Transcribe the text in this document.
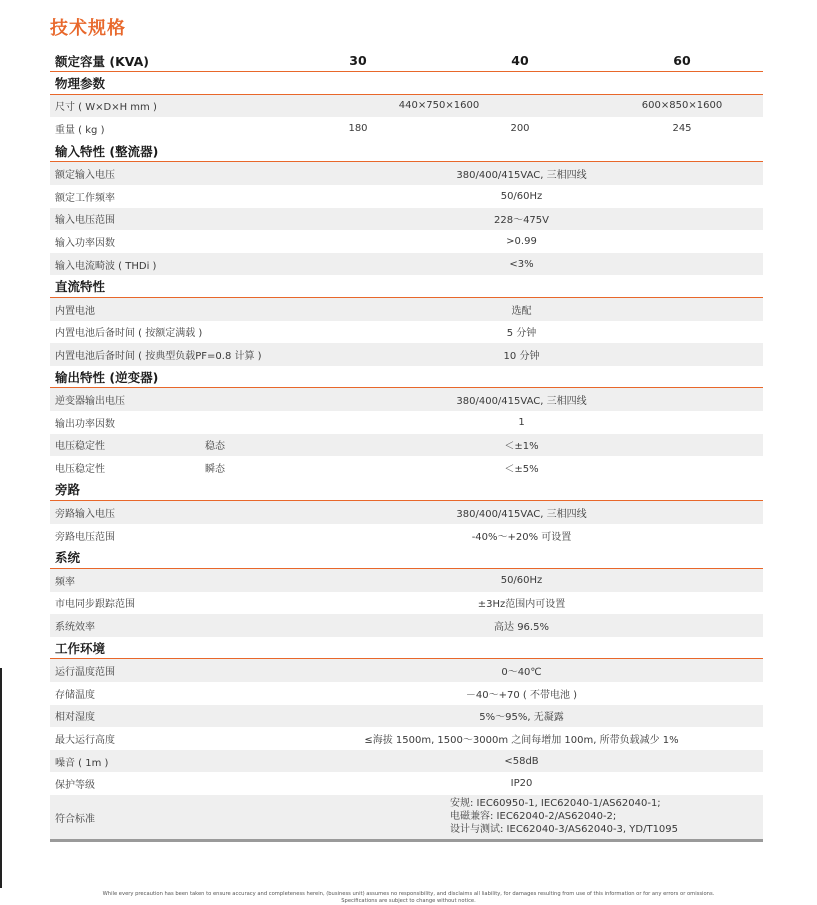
技术规格
额定容量 (KVA)	30	40	60
物理参数
尺寸 ( W×D×H mm )	440×750×1600	600×850×1600
重量 ( kg )	180	200	245
输入特性 (整流器)
额定输入电压	380/400/415VAC, 三相四线
额定工作频率	50/60Hz
输入电压范围	228～475V
输入功率因数	>0.99
输入电流畸波 ( THDi )	<3%
直流特性
内置电池	选配
内置电池后备时间 ( 按额定满载 )	5 分钟
内置电池后备时间 ( 按典型负载PF=0.8 计算 )	10 分钟
输出特性 (逆变器)
逆变器输出电压	380/400/415VAC, 三相四线
输出功率因数	1
电压稳定性	稳态	＜±1%
电压稳定性	瞬态	＜±5%
旁路
旁路输入电压	380/400/415VAC, 三相四线
旁路电压范围	-40%～+20% 可设置
系统
频率	50/60Hz
市电同步跟踪范围	±3Hz范围内可设置
系统效率	高达 96.5%
工作环境
运行温度范围	0～40℃
存储温度	－40～+70 ( 不带电池 )
相对湿度	5%～95%, 无凝露
最大运行高度	≤海拔 1500m, 1500～3000m 之间每增加 100m, 所带负载减少 1%
噪音 ( 1m )	<58dB
保护等级	IP20
符合标准
安规: IEC60950-1, IEC62040-1/AS62040-1;
电磁兼容: IEC62040-2/AS62040-2;
设计与测试: IEC62040-3/AS62040-3, YD/T1095
While every precaution has been taken to ensure accuracy and completeness herein, (business unit) assumes no responsibility, and disclaims all liability, for damages resulting from use of this information or for any errors or omissions.
Specifications are subject to change without notice.
